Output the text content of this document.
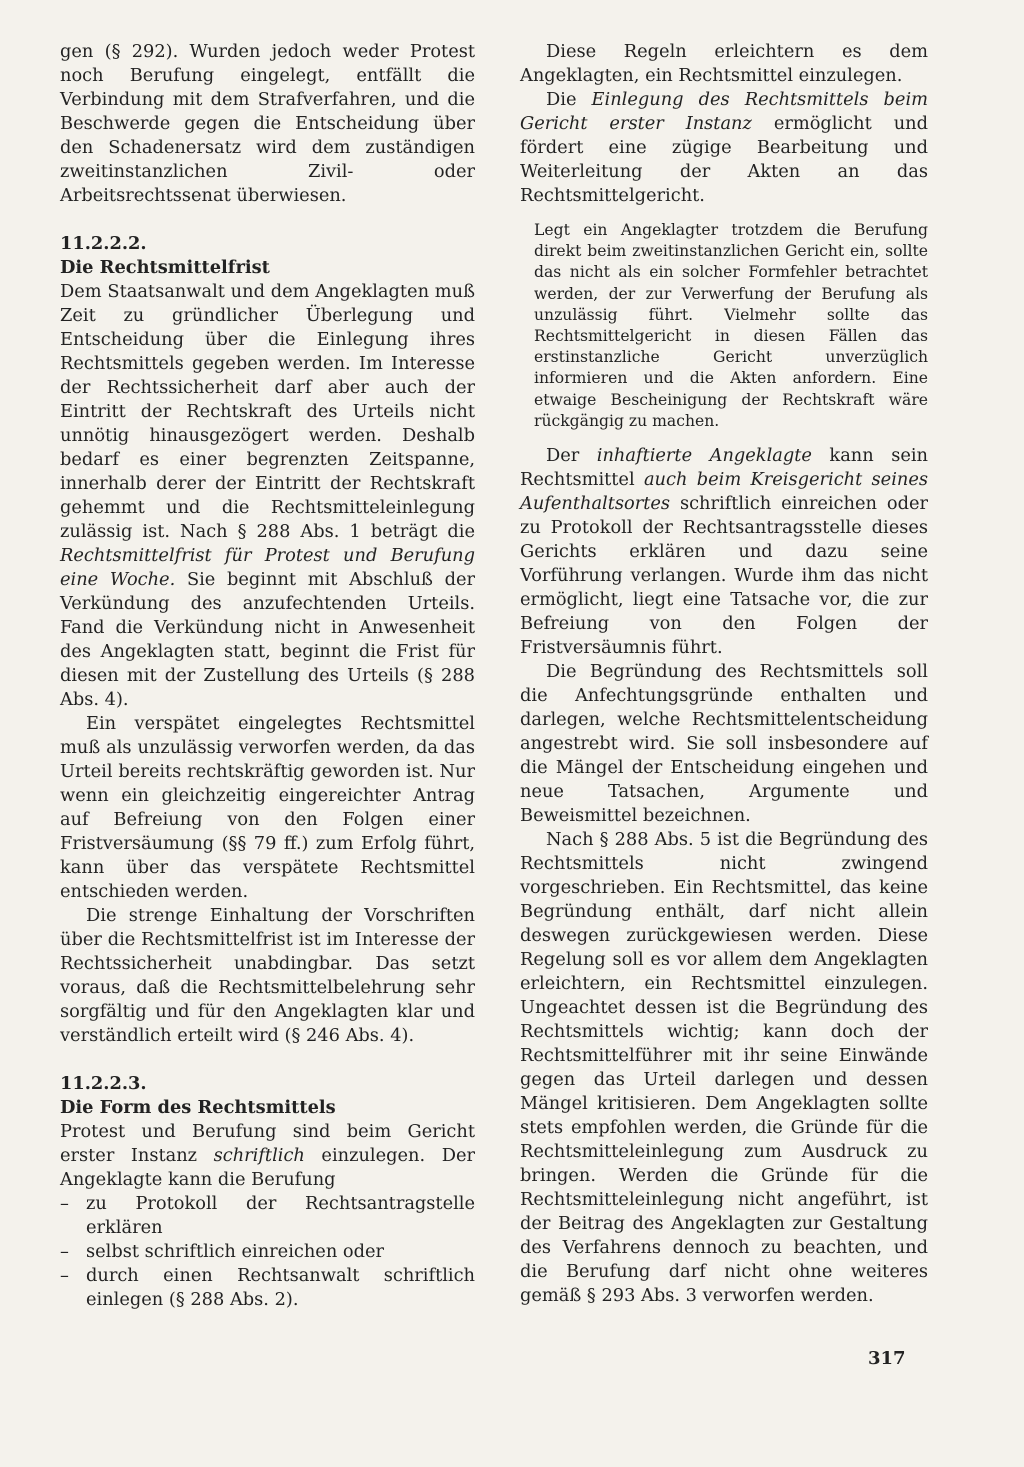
gen (§ 292). Wurden jedoch weder Protest noch Berufung eingelegt, entfällt die Verbindung mit dem Strafverfahren, und die Beschwerde gegen die Entscheidung über den Schadenersatz wird dem zuständigen zweitinstanzlichen Zivil- oder Arbeitsrechtssenat überwiesen.

11.2.2.2.
Die Rechtsmittelfrist

Dem Staatsanwalt und dem Angeklagten muß Zeit zu gründlicher Überlegung und Entscheidung über die Einlegung ihres Rechtsmittels gegeben werden. Im Interesse der Rechtssicherheit darf aber auch der Eintritt der Rechtskraft des Urteils nicht unnötig hinausgezögert werden. Deshalb bedarf es einer begrenzten Zeitspanne, innerhalb derer der Eintritt der Rechtskraft gehemmt und die Rechtsmitteleinlegung zulässig ist. Nach § 288 Abs. 1 beträgt die Rechtsmittelfrist für Protest und Berufung eine Woche. Sie beginnt mit Abschluß der Verkündung des anzufechtenden Urteils. Fand die Verkündung nicht in Anwesenheit des Angeklagten statt, beginnt die Frist für diesen mit der Zustellung des Urteils (§ 288 Abs. 4).

Ein verspätet eingelegtes Rechtsmittel muß als unzulässig verworfen werden, da das Urteil bereits rechtskräftig geworden ist. Nur wenn ein gleichzeitig eingereichter Antrag auf Befreiung von den Folgen einer Fristversäumung (§§ 79 ff.) zum Erfolg führt, kann über das verspätete Rechtsmittel entschieden werden.

Die strenge Einhaltung der Vorschriften über die Rechtsmittelfrist ist im Interesse der Rechtssicherheit unabdingbar. Das setzt voraus, daß die Rechtsmittelbelehrung sehr sorgfältig und für den Angeklagten klar und verständlich erteilt wird (§ 246 Abs. 4).

11.2.2.3.
Die Form des Rechtsmittels

Protest und Berufung sind beim Gericht erster Instanz schriftlich einzulegen. Der Angeklagte kann die Berufung

– zu Protokoll der Rechtsantragstelle erklären
– selbst schriftlich einreichen oder
– durch einen Rechtsanwalt schriftlich einlegen (§ 288 Abs. 2).

Diese Regeln erleichtern es dem Angeklagten, ein Rechtsmittel einzulegen.

Die Einlegung des Rechtsmittels beim Gericht erster Instanz ermöglicht und fördert eine zügige Bearbeitung und Weiterleitung der Akten an das Rechtsmittelgericht.

Legt ein Angeklagter trotzdem die Berufung direkt beim zweitinstanzlichen Gericht ein, sollte das nicht als ein solcher Formfehler betrachtet werden, der zur Verwerfung der Berufung als unzulässig führt. Vielmehr sollte das Rechtsmittelgericht in diesen Fällen das erstinstanzliche Gericht unverzüglich informieren und die Akten anfordern. Eine etwaige Bescheinigung der Rechtskraft wäre rückgängig zu machen.

Der inhaftierte Angeklagte kann sein Rechtsmittel auch beim Kreisgericht seines Aufenthaltsortes schriftlich einreichen oder zu Protokoll der Rechtsantragsstelle dieses Gerichts erklären und dazu seine Vorführung verlangen. Wurde ihm das nicht ermöglicht, liegt eine Tatsache vor, die zur Befreiung von den Folgen der Fristversäumnis führt.

Die Begründung des Rechtsmittels soll die Anfechtungsgründe enthalten und darlegen, welche Rechtsmittelentscheidung angestrebt wird. Sie soll insbesondere auf die Mängel der Entscheidung eingehen und neue Tatsachen, Argumente und Beweismittel bezeichnen.

Nach § 288 Abs. 5 ist die Begründung des Rechtsmittels nicht zwingend vorgeschrieben. Ein Rechtsmittel, das keine Begründung enthält, darf nicht allein deswegen zurückgewiesen werden. Diese Regelung soll es vor allem dem Angeklagten erleichtern, ein Rechtsmittel einzulegen. Ungeachtet dessen ist die Begründung des Rechtsmittels wichtig; kann doch der Rechtsmittelführer mit ihr seine Einwände gegen das Urteil darlegen und dessen Mängel kritisieren. Dem Angeklagten sollte stets empfohlen werden, die Gründe für die Rechtsmitteleinlegung zum Ausdruck zu bringen. Werden die Gründe für die Rechtsmitteleinlegung nicht angeführt, ist der Beitrag des Angeklagten zur Gestaltung des Verfahrens dennoch zu beachten, und die Berufung darf nicht ohne weiteres gemäß § 293 Abs. 3 verworfen werden.

317
